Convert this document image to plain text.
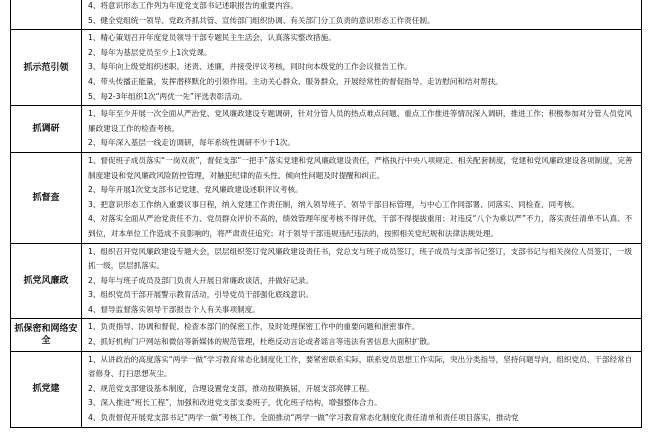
	4、将意识形态工作列为年度党支部书记述职报告的重要内容。
5、健全党组统一领导、党政齐抓共管、宣传部门组织协调、有关部门分工负责的意识形态工作责任制。

抓示范引领	1、精心策划召开年度党员领导干部专题民主生活会，认真落实整改措施。
2、每年为基层党员至少上1次党课。
3、每年向上级党组织述职、述责、述廉，并接受评议考核，同时向本级党的工作会议报告工作。
4、带头传播正能量，发挥潜移默化的引领作用。主动关心群众、服务群众，开展经常性的督促指导、走访慰问和结对帮扶。
5、每2-3年组织1次“两优一先”评选表彰活动。

抓调研	1、每年至少开展一次全面从严治党、党风廉政建设专题调研，针对分管人员的热点难点问题、重点工作推进等情况深入调研，推进工作；积极参加对分管人员党风廉政建设工作的检查考核。
2、每年深入基层一线走访调研，每年系统性调研不少于1次。

抓督查	1、督促班子成员落实“一岗双责”，督促支部“一把手”落实党建和党风廉政建设责任，严格执行中央八项规定、相关配套制度，党建和党风廉政建设各项制度，完善制度建设和党风廉政风险防控管理，对触犯纪律的苗头性、倾向性问题及时提醒和纠正。
2、每年开展1次党支部书记党建、党风廉政建设述职评议考核。
3、把意识形态工作纳入重要议事日程，纳入党建工作责任制，纳入领导班子、领导干部目标管理，与中心工作同部署、同落实、同检查、同考核。
4、对落实全面从严治党责任不力、党员群众评价不高的，绩效管理年度考核不得评优，干部不得提拔重用；对违反“八个为乘以严”不力，落实责任清单不认真、不到位，对本单位工作造成不良影响的，将严肃责任追究；对于领导干部违规违纪违法的，按照相关党纪规和法律法规处理。

抓党风廉政	1、组织召开党风廉政建设专题大会，层层组织签订党风廉政建设责任书，党总支与班子成员签订，班子成员与支部书记签订，支部书记与相关岗位人员签订，一级抓一级，层层抓落实。
2、每年与班子成员及部门负责人开展日常廉政谈话，并做好记录。
3、组织党员干部开展警示教育活动，引导党员干部强化底线意识。
4、督导监督落实领导干部报告个人有关事项制度。

抓保密和网络安全	1、负责指导、协调和督促、检查本部门的保密工作，及时处理保密工作中的重要问题和泄密事件。
2、抓好机构门户网站和微信等新媒体的规范管理，杜绝反动言论或者谣言等违法有害信息大面积扩散。

抓党建	1、从讲政治的高度落实“两学一做”学习教育常态化制度化工作，要紧密联系实际，联系党员思想工作实际，突出分类指导，坚持问题导向，组织党员、干部经常自省修身、打扫思想灰尘。
2、规范党支部建设基本制度，合理设置党支部，推动按期换届，开展支部亮牌工程。
3、深入推进“班长工程”，加强和改进党支部支委班子，优化班子结构，增强整体合力。
4、负责督促开展党支部书记“两学一做”考核工作。全面推动“两学一做”学习教育常态化制度化责任清单和责任项目落实，推动党
